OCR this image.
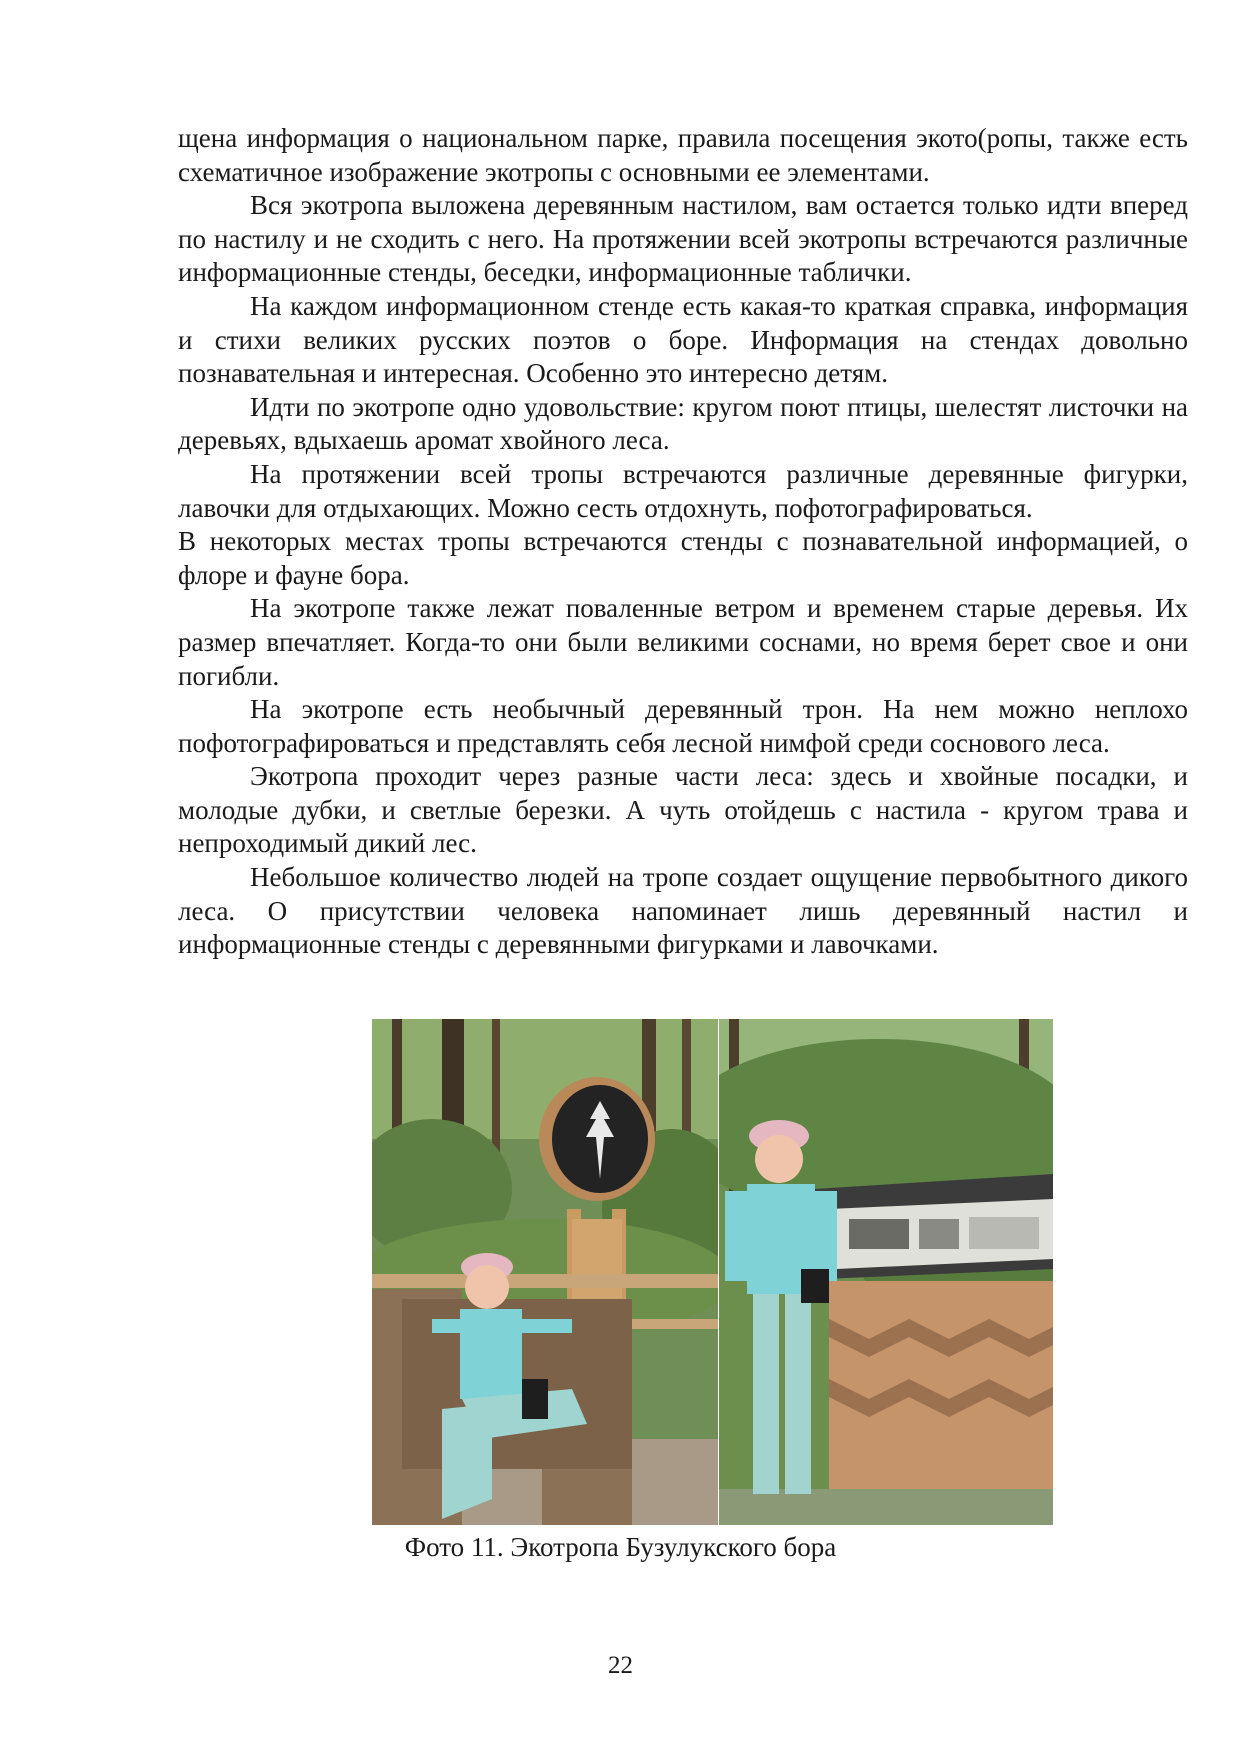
щена информация о национальном парке, правила посещения экото(ропы, также есть схематичное изображение экотропы с основными ее элементами.

Вся экотропа выложена деревянным настилом, вам остается только идти вперед по настилу и не сходить с него. На протяжении всей экотропы встречаются различные информационные стенды, беседки, информационные таблички.

На каждом информационном стенде есть какая-то краткая справка, информация и стихи великих русских поэтов о боре. Информация на стендах довольно познавательная и интересная. Особенно это интересно детям.

Идти по экотропе одно удовольствие: кругом поют птицы, шелестят листочки на деревьях, вдыхаешь аромат хвойного леса.

На протяжении всей тропы встречаются различные деревянные фигурки, лавочки для отдыхающих. Можно сесть отдохнуть, пофотографироваться.

В некоторых местах тропы встречаются стенды с познавательной информацией, о флоре и фауне бора.

На экотропе также лежат поваленные ветром и временем старые деревья. Их размер впечатляет. Когда-то они были великими соснами, но время берет свое и они погибли.

На экотропе есть необычный деревянный трон. На нем можно неплохо пофотографироваться и представлять себя лесной нимфой среди соснового леса.

Экотропа проходит через разные части леса: здесь и хвойные посадки, и молодые дубки, и светлые березки. А чуть отойдешь с настила - кругом трава и непроходимый дикий лес.

Небольшое количество людей на тропе создает ощущение первобытного дикого леса. О присутствии человека напоминает лишь деревянный настил и информационные стенды с деревянными фигурками и лавочками.

Фото 11. Экотропа Бузулукского бора
22
